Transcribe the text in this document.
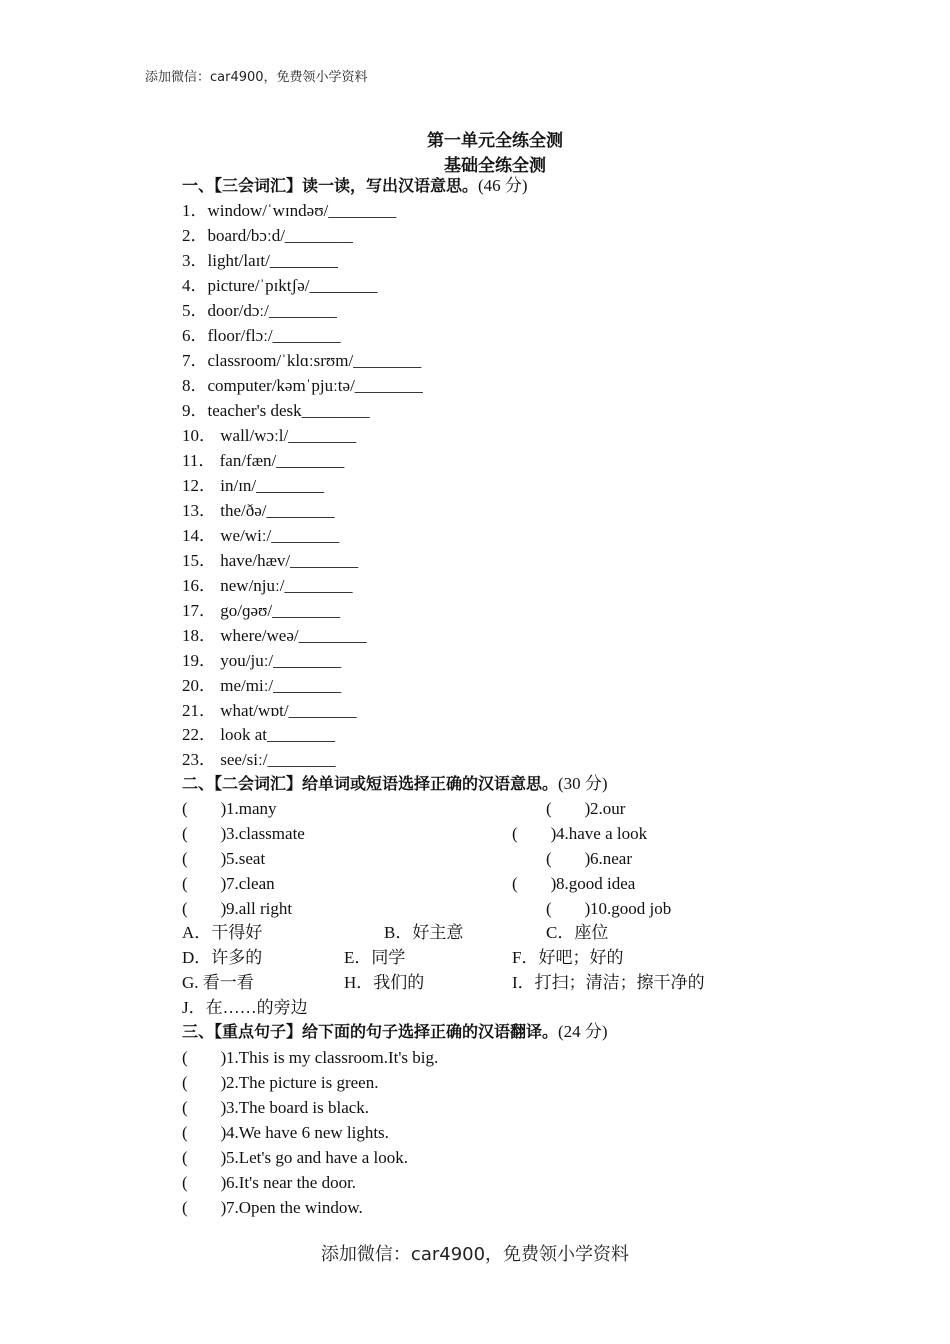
添加微信：car4900，免费领小学资料
第一单元全练全测
基础全练全测
一、【三会词汇】读一读，写出汉语意思。(46 分)
1．window/ˈwɪndəʊ/________
2．board/bɔːd/________
3．light/laɪt/________
4．picture/ˈpɪktʃə/________
5．door/dɔː/________
6．floor/flɔː/________
7．classroom/ˈklɑːsrʊm/________
8．computer/kəmˈpjuːtə/________
9．teacher's desk________
10． wall/wɔːl/________
11． fan/fæn/________
12． in/ɪn/________
13． the/ðə/________
14． we/wiː/________
15． have/hæv/________
16． new/njuː/________
17． go/ɡəʊ/________
18． where/weə/________
19． you/juː/________
20． me/miː/________
21． what/wɒt/________
22． look at________
23． see/siː/________
二、【二会词汇】给单词或短语选择正确的汉语意思。(30 分)
( )1.many	( )2.our
( )3.classmate	( )4.have a look
( )5.seat	( )6.near
( )7.clean	( )8.good idea
( )9.all right	( )10.good job
A．干得好	B．好主意	C．座位
D．许多的	E．同学	F．好吧；好的
G. 看一看	H．我们的	I．打扫；清洁；擦干净的
J．在……的旁边
三、【重点句子】给下面的句子选择正确的汉语翻译。(24 分)
( )1.This is my classroom.It's big.
( )2.The picture is green.
( )3.The board is black.
( )4.We have 6 new lights.
( )5.Let's go and have a look.
( )6.It's near the door.
( )7.Open the window.
添加微信：car4900，免费领小学资料
